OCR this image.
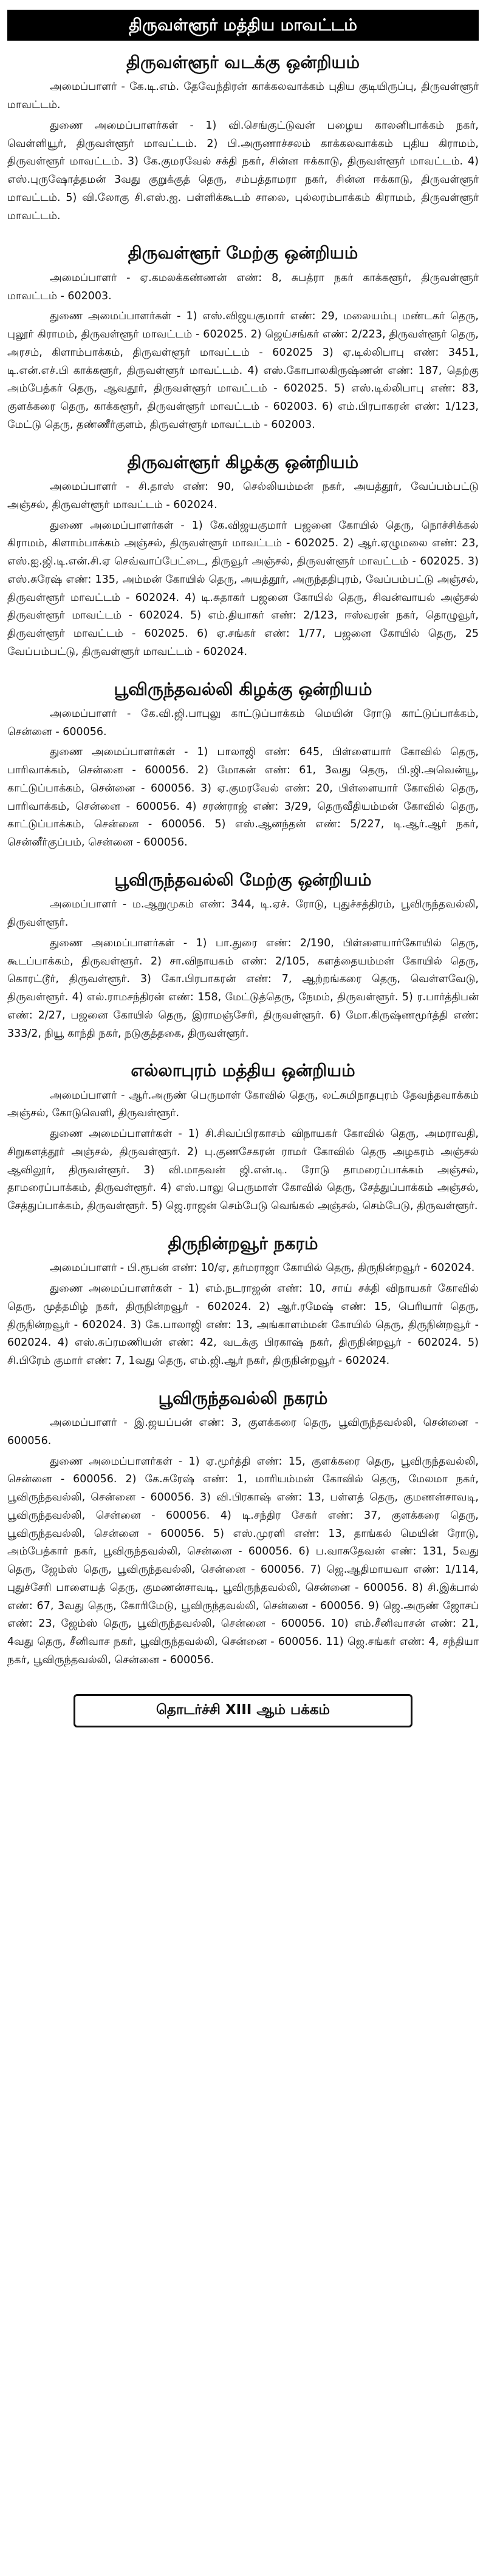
திருவள்ளூர் மத்திய மாவட்டம்
திருவள்ளூர் வடக்கு ஒன்றியம்

அமைப்பாளர் - கே.டி.எம். தேவேந்திரன் காக்கலவாக்கம் புதிய குடியிருப்பு, திருவள்ளூர் மாவட்டம்.

துணை அமைப்பாளர்கள் - 1) வி.செங்குட்டுவன் பழைய காலனிபாக்கம் நகர், வெள்ளியூர், திருவள்ளூர் மாவட்டம். 2) பி.அருணாச்சலம் காக்கலவாக்கம் புதிய கிராமம், திருவள்ளூர் மாவட்டம். 3) கே.குமரவேல் சக்தி நகர், சின்ன ஈக்காடு, திருவள்ளூர் மாவட்டம். 4) எஸ்.புருஷோத்தமன் 3வது குறுக்குத் தெரு, சம்பத்தாமரா நகர், சின்ன ஈக்காடு, திருவள்ளூர் மாவட்டம். 5) வி.லோகு சி.எஸ்.ஐ. பள்ளிக்கூடம் சாலை, புல்லரம்பாக்கம் கிராமம், திருவள்ளூர் மாவட்டம்.

திருவள்ளூர் மேற்கு ஒன்றியம்

அமைப்பாளர் - ஏ.கமலக்கண்ணன் எண்: 8, சுபத்ரா நகர் காக்களூர், திருவள்ளூர் மாவட்டம் - 602003.

துணை அமைப்பாளர்கள் - 1) எஸ்.விஜயகுமார் எண்: 29, மலையம்பு மண்டகர் தெரு, புலூர் கிராமம், திருவள்ளூர் மாவட்டம் - 602025. 2) ஜெய்சங்கர் எண்: 2/223, திருவள்ளூர் தெரு, அரசம், கிளாம்பாக்கம், திருவள்ளூர் மாவட்டம் - 602025 3) ஏ.டில்லிபாபு எண்: 3451, டி.என்.எச்.பி காக்களூர், திருவள்ளூர் மாவட்டம். 4) எஸ்.கோபாலகிருஷ்ணன் எண்: 187, தெற்கு அம்பேத்கர் தெரு, ஆவதூர், திருவள்ளூர் மாவட்டம் - 602025. 5) எஸ்.டில்லிபாபு எண்: 83, குளக்கரை தெரு, காக்களூர், திருவள்ளூர் மாவட்டம் - 602003. 6) எம்.பிரபாகரன் எண்: 1/123, மேட்டு தெரு, தண்ணீர்குளம், திருவள்ளூர் மாவட்டம் - 602003.

திருவள்ளூர் கிழக்கு ஒன்றியம்

அமைப்பாளர் - சி.தாஸ் எண்: 90, செல்லியம்மன் நகர், அயத்தூர், வேப்பம்பட்டு அஞ்சல், திருவள்ளூர் மாவட்டம் - 602024.

துணை அமைப்பாளர்கள் - 1) கே.விஜயகுமார் பஜனை கோயில் தெரு, நொச்சிக்கல் கிராமம், கிளாம்பாக்கம் அஞ்சல், திருவள்ளூர் மாவட்டம் - 602025. 2) ஆர்.ஏழுமலை எண்: 23, எஸ்.ஐ.ஜி.டி.என்.சி.ஏ செவ்வாப்பேட்டை, திருவூர் அஞ்சல், திருவள்ளூர் மாவட்டம் - 602025. 3) எஸ்.சுரேஷ் எண்: 135, அம்மன் கோயில் தெரு, அயத்தூர், அருந்ததிபுரம், வேப்பம்பட்டு அஞ்சல், திருவள்ளூர் மாவட்டம் - 602024. 4) டி.சுதாகர் பஜனை கோயில் தெரு, சிவன்வாயல் அஞ்சல் திருவள்ளூர் மாவட்டம் - 602024. 5) எம்.தியாகர் எண்: 2/123, ஈஸ்வரன் நகர், தொழுவூர், திருவள்ளூர் மாவட்டம் - 602025. 6) ஏ.சங்கர் எண்: 1/77, பஜனை கோயில் தெரு, 25 வேப்பம்பட்டு, திருவள்ளூர் மாவட்டம் - 602024.

பூவிருந்தவல்லி கிழக்கு ஒன்றியம்

அமைப்பாளர் - கே.வி.ஜி.பாபுலு காட்டுப்பாக்கம் மெயின் ரோடு காட்டுப்பாக்கம், சென்னை - 600056.

துணை அமைப்பாளர்கள் - 1) பாலாஜி எண்: 645, பிள்ளையார் கோவில் தெரு, பாரிவாக்கம், சென்னை - 600056. 2) மோகன் எண்: 61, 3வது தெரு, பி.ஜி.அவென்யூ, காட்டுப்பாக்கம், சென்னை - 600056. 3) ஏ.குமரவேல் எண்: 20, பிள்ளையார் கோவில் தெரு, பாரிவாக்கம், சென்னை - 600056. 4) சரண்ராஜ் எண்: 3/29, தெருவீதியம்மன் கோவில் தெரு, காட்டுப்பாக்கம், சென்னை - 600056. 5) எஸ்.ஆனந்தன் எண்: 5/227, டி.ஆர்.ஆர் நகர், சென்னீர்குப்பம், சென்னை - 600056.

பூவிருந்தவல்லி மேற்கு ஒன்றியம்

அமைப்பாளர் - ம.ஆறுமுகம் எண்: 344, டி.ஏச். ரோடு, புதுச்சத்திரம், பூவிருந்தவல்லி, திருவள்ளூர்.

துணை அமைப்பாளர்கள் - 1) பா.துரை எண்: 2/190, பிள்ளையார்கோயில் தெரு, கூடப்பாக்கம், திருவள்ளூர். 2) சா.விநாயகம் எண்: 2/105, களத்தையம்மன் கோயில் தெரு, கொரட்டூர், திருவள்ளூர். 3) கோ.பிரபாகரன் எண்: 7, ஆற்றங்கரை தெரு, வெள்ளவேடு, திருவள்ளூர். 4) எல்.ராமசந்திரன் எண்: 158, மேட்டுத்தெரு, நேமம், திருவள்ளூர். 5) ர.பார்த்திபன் எண்: 2/27, பஜனை கோயில் தெரு, இராமஞ்சேரி, திருவள்ளூர். 6) மோ.கிருஷ்ணமூர்த்தி எண்: 333/2, நியூ காந்தி நகர், நடுகுத்தகை, திருவள்ளூர்.

எல்லாபுரம் மத்திய ஒன்றியம்

அமைப்பாளர் - ஆர்.அருண் பெருமாள் கோவில் தெரு, லட்சுமிநாதபுரம் தேவந்தவாக்கம் அஞ்சல், கோடுவெளி, திருவள்ளூர்.

துணை அமைப்பாளர்கள் - 1) சி.சிவப்பிரகாசம் விநாயகர் கோவில் தெரு, அமராவதி, சிறுகளத்தூர் அஞ்சல், திருவள்ளூர். 2) பு.குணசேகரன் ராமர் கோவில் தெரு அழகரம் அஞ்சல் ஆவிலூர், திருவள்ளூர். 3) வி.மாதவன் ஜி.என்.டி. ரோடு தாமரைப்பாக்கம் அஞ்சல், தாமரைப்பாக்கம், திருவள்ளூர். 4) எஸ்.பாலு பெருமாள் கோவில் தெரு, சேத்துப்பாக்கம் அஞ்சல், சேத்துப்பாக்கம், திருவள்ளூர். 5) ஜெ.ராஜன் செம்பேடு வெங்கல் அஞ்சல், செம்பேடு, திருவள்ளூர்.

திருநின்றவூர் நகரம்

அமைப்பாளர் - பி.ரூபன் எண்: 10/ஏ, தர்மராஜா கோயில் தெரு, திருநின்றவூர் - 602024.

துணை அமைப்பாளர்கள் - 1) எம்.நடராஜன் எண்: 10, சாய் சக்தி விநாயகர் கோவில் தெரு, முத்தமிழ் நகர், திருநின்றவூர் - 602024. 2) ஆர்.ரமேஷ் எண்: 15, பெரியார் தெரு, திருநின்றவூர் - 602024. 3) கே.பாலாஜி எண்: 13, அங்காளம்மன் கோயில் தெரு, திருநின்றவூர் - 602024. 4) எஸ்.சுப்ரமணியன் எண்: 42, வடக்கு பிரகாஷ் நகர், திருநின்றவூர் - 602024. 5) சி.பிரேம் குமார் எண்: 7, 1வது தெரு, எம்.ஜி.ஆர் நகர், திருநின்றவூர் - 602024.

பூவிருந்தவல்லி நகரம்

அமைப்பாளர் - இ.ஜயப்பன் எண்: 3, குளக்கரை தெரு, பூவிருந்தவல்லி, சென்னை - 600056.

துணை அமைப்பாளர்கள் - 1) ஏ.மூர்த்தி எண்: 15, குளக்கரை தெரு, பூவிருந்தவல்லி, சென்னை - 600056. 2) கே.சுரேஷ் எண்: 1, மாரியம்மன் கோவில் தெரு, மேலமா நகர், பூவிருந்தவல்லி, சென்னை - 600056. 3) வி.பிரகாஷ் எண்: 13, பள்ளத் தெரு, குமணன்சாவடி, பூவிருந்தவல்லி, சென்னை - 600056. 4) டி.சந்திர சேகர் எண்: 37, குளக்கரை தெரு, பூவிருந்தவல்லி, சென்னை - 600056. 5) எஸ்.முரளி எண்: 13, தாங்கல் மெயின் ரோடு, அம்பேத்கார் நகர், பூவிருந்தவல்லி, சென்னை - 600056. 6) ப.வாசுதேவன் எண்: 131, 5வது தெரு, ஜேம்ஸ் தெரு, பூவிருந்தவல்லி, சென்னை - 600056. 7) ஜெ.ஆதிமாயவா எண்: 1/114, புதுச்சேரி பாளையத் தெரு, குமணன்சாவடி, பூவிருந்தவல்லி, சென்னை - 600056. 8) சி.இக்பால் எண்: 67, 3வது தெரு, கோரிமேடு, பூவிருந்தவல்லி, சென்னை - 600056. 9) ஜெ.அருண் ஜோசப் எண்: 23, ஜேம்ஸ் தெரு, பூவிருந்தவல்லி, சென்னை - 600056. 10) எம்.சீனிவாசன் எண்: 21, 4வது தெரு, சீனிவாச நகர், பூவிருந்தவல்லி, சென்னை - 600056. 11) ஜெ.சங்கர் எண்: 4, சந்தியா நகர், பூவிருந்தவல்லி, சென்னை - 600056.

தொடர்ச்சி XIII ஆம் பக்கம்
